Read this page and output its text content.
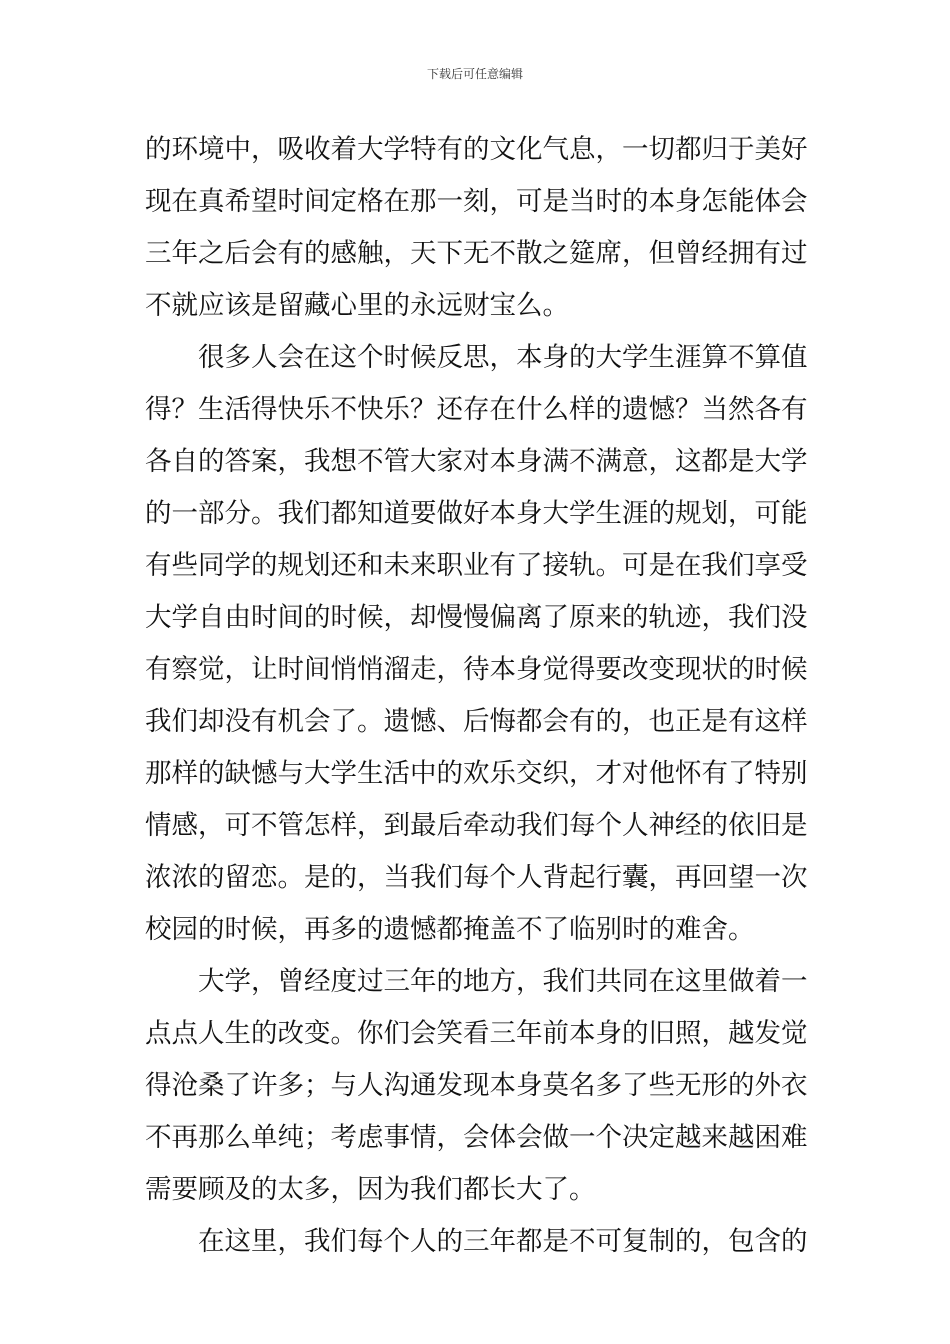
下载后可任意编辑
的环境中，吸收着大学特有的文化气息，一切都归于美好
现在真希望时间定格在那一刻，可是当时的本身怎能体会
三年之后会有的感触，天下无不散之筵席，但曾经拥有过
不就应该是留藏心里的永远财宝么。
很多人会在这个时候反思，本身的大学生涯算不算值
得？生活得快乐不快乐？还存在什么样的遗憾？当然各有
各自的答案，我想不管大家对本身满不满意，这都是大学
的一部分。我们都知道要做好本身大学生涯的规划，可能
有些同学的规划还和未来职业有了接轨。可是在我们享受
大学自由时间的时候，却慢慢偏离了原来的轨迹，我们没
有察觉，让时间悄悄溜走，待本身觉得要改变现状的时候
我们却没有机会了。遗憾、后悔都会有的，也正是有这样
那样的缺憾与大学生活中的欢乐交织，才对他怀有了特别
情感，可不管怎样，到最后牵动我们每个人神经的依旧是
浓浓的留恋。是的，当我们每个人背起行囊，再回望一次
校园的时候，再多的遗憾都掩盖不了临别时的难舍。
大学，曾经度过三年的地方，我们共同在这里做着一
点点人生的改变。你们会笑看三年前本身的旧照，越发觉
得沧桑了许多；与人沟通发现本身莫名多了些无形的外衣
不再那么单纯；考虑事情，会体会做一个决定越来越困难
需要顾及的太多，因为我们都长大了。
在这里，我们每个人的三年都是不可复制的，包含的
